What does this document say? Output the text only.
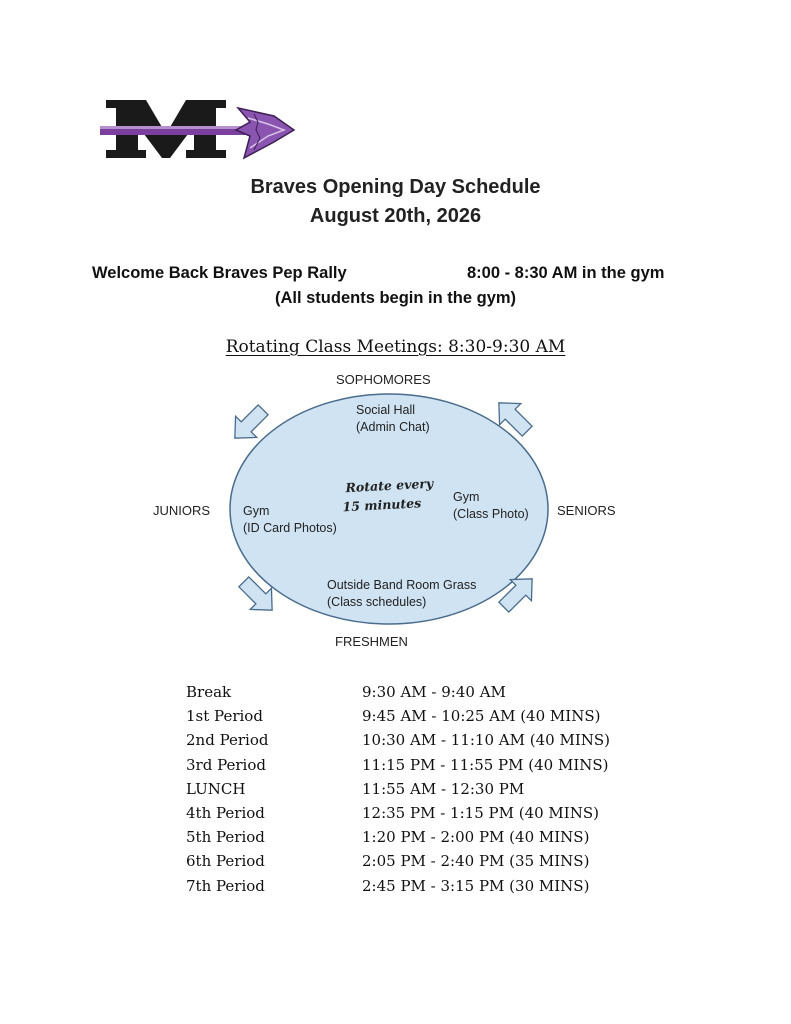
Braves Opening Day Schedule
August 20th, 2026
Welcome Back Braves Pep Rally	8:00 - 8:30 AM in the gym
(All students begin in the gym)
Rotating Class Meetings: 8:30-9:30 AM
SOPHOMORES
JUNIORS	SENIORS
FRESHMEN
Social Hall
(Admin Chat)
Gym
(ID Card Photos)
Gym
(Class Photo)
Outside Band Room Grass
(Class schedules)
Rotate every
15 minutes
Break	9:30 AM - 9:40 AM
1st Period	9:45 AM - 10:25 AM (40 MINS)
2nd Period	10:30 AM - 11:10 AM (40 MINS)
3rd Period	11:15 PM - 11:55 PM (40 MINS)
LUNCH	11:55 AM - 12:30 PM
4th Period	12:35 PM - 1:15 PM (40 MINS)
5th Period	1:20 PM - 2:00 PM (40 MINS)
6th Period	2:05 PM - 2:40 PM (35 MINS)
7th Period	2:45 PM - 3:15 PM (30 MINS)
